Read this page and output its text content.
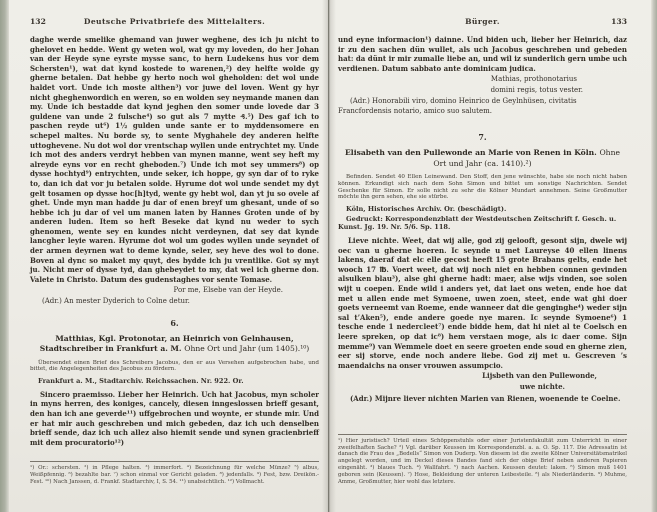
132	Deutsche Privatbriefe des Mittelalters.
daghe werde smelike ghemand van juwer weghene, des ich ju nicht to ghelovet en hedde. Went gy weten wol, wat gy my loveden, do her Johan van der Heyde syne eyrste mysse sanc, to hern Ludekens hus vor dem Schersten¹), wat dat kynd kostede to warenen,²) dey helfte wolde gy gherne betalen. Dat hebbe gy herto noch wol gheholden: det wol unde haldet vort. Unde ich moste althen³) vor juwe del loven. Went gy hyr nicht gheghenwordich en weren, so en wolden sey neymande manen dan my. Unde ich bestadde dat kynd jeghen den somer unde lovede dar 3 guldene van unde 2 fulsche⁴) so gut als 7 mytte ₰.⁵) Des gaf ich to paschen reyde ut⁶) 1½ gulden unde sante er to myddensomere en schepel maltes. Nu borde sy, to sente Myghahele dey anderen helfte uttoghevene. Nu dot wol dor vrentschap wyllen unde entrychtet my. Unde ich mot des anders verdryt hebben van mynen manne, went sey heft my alreyde eyns vor en recht gheboden.⁷) Unde ich mot sey ummers⁸) op dysse hochtyd⁹) entrychten, unde seker, ich hoppe, gy syn dar of to ryke to, dan ich dat vor ju betalen solde. Hyrume dot wol unde sendet my dyt gelt tosamen op dysse hoc[h]tyd, wente gy hebt wol, dan yt ju so ovele af ghet. Unde myn man hadde ju dar of enen breyf um ghesant, unde of so hebbe ich ju dar of vel um manen laten by Hannes Groten unde of by anderen luden. Item so heft Beseke dat kynd nu weder to sych ghenomen, wente sey en kundes nicht verdeynen, dat sey dat kynde lancgher leyie waren. Hyrume dot wol um godes wyllen unde seyndet of der armen deyrnen wat to deme kynde, seler, sey heve des wol to done. Boven al dync so maket my quyt, des bydde ich ju vrentlike. Got sy myt ju. Nicht mer of dysse tyd, dan ghebeydet to my, dat wel ich gherne don. Valete in Christo. Datum des gudenstaghes vor sente Tomase.
Por me, Elsebe van der Heyde.
(Adr.) An mester Dyderich to Colne detur.
6.
Matthias, Kgl. Protonotar, an Heinrich von Gelnhausen, Stadtschreiber in Frankfurt a. M. Ohne Ort und Jahr (um 1405).¹⁰)
Übersendet einen Brief des Schreibers Jacobus, den er aus Versehen aufgebrochen habe, und bittet, die Angelegenheiten des Jacobus zu fördern.
Frankfurt a. M., Stadtarchiv. Reichssachen. Nr. 922. Or.
Sincero praemisso. Lieber her Heinrich. Uch hat Jacobus, myn scholer in myns herren, des koniges, cancely, diesen inngeslossen brieff gesant, den han ich ane geverde¹¹) uffgebrochen und woynte, er stunde mir. Und er hat mir auch geschreben und mich gebeden, daz ich uch denselben brieff sende, daz ich uch allez also hiemit sende und synen gracienbrieff mit dem procuratorio¹²)
¹) Or.: schersten. ²) in Pflege halten. ³) immerfort. ⁴) Bezeichnung für welche Münze? ⁵) albus, Weißpfennig. ⁶) bezahlte bar. ⁷) schon einmal vor Gericht geladen. ⁸) jedenfalls. ⁹) Fest, bzw. Dreikön.-Fest. ¹⁰) Nach Janssen, d. Frankf. Stadtarchiv, I, S. 54. ¹¹) unabsichtlich. ¹²) Vollmacht.
Bürger.	133
und eyne informacion¹) dainne. Und biden uch, lieber her Heinrich, daz ir zu den sachen dün wullet, als uch Jacobus geschreben und gebeden hat: da dünt ir mir zumalle liebe an, und wil iz sunderlich gern umbe uch verdienen. Datum sabbato ante dominicam judica.
Mathias, prothonotarius
domini regis, totus vester.
(Adr.) Honorabili viro, domino Heinrico de Geylnhüsen, civitatis Francfordensis notario, amico suo salutem.
7.
Elisabeth van den Pullewonde an Marie von Renen in Köln. Ohne Ort und Jahr (ca. 1410).²)
Befinden. Sendet 40 Ellen Leinewand. Den Stoff, den jene wünschte, habe sie noch nicht haben können. Erkundigt sich nach dem Sohn Simon und bittet um sonstige Nachrichten. Sendet Geschenke für Simon. Er solle nicht zu sehr die Kölner Mundart annehmen. Seine Großmutter möchte ihn gern sehen, ehe sie stürbe.
Köln, Historisches Archiv. Or. (beschädigt).
Gedruckt: Korrespondenzblatt der Westdeutschen Zeitschrift f. Gesch. u. Kunst. Jg. 19. Nr. 5/6. Sp. 118.
Lieve nichte. Weet, dat wij alle, god zij gelooft, gesont sijn, dwele wij oec van u gherne hoeren. Ic seynde u met Laureyse 40 ellen linens lakens, daeraf dat elc elle gecost heeft 15 grote Brabans gelts, ende het wooch 17 ℔. Voert weet, dat wij noch niet en hebben connen gevinden alsulken blau³), alse ghi gherne hadt: maer, alse wijs vinden, soe solen wijt u coepen. Ende wild i anders yet, dat laet ons weten, ende hoe dat met u allen ende met Symoene, uwen zoen, steet, ende wat ghi doer goets verneemt van Roeme, ende wanneer dat die genginghe⁴) weder sijn sal t’Aken⁵), ende andere goede nye maren. Ic seynde Symoene⁶) 1 tesche ende 1 nedercleet⁷) ende bidde hem, dat hi niet al te Coelsch en leere spreken, op dat ic⁸) hem verstaen moge, als ic daer come. Sijn memme⁹) van Wemmele doet en seere groeten ende soud en gherne zien, eer sij storve, ende noch andere liebe. God zij met u. Gescreven ’s maendaichs na onser vrouwen assumpcio.
Lijsbeth van den Pullewonde,
uwe nichte.
(Adr.) Mijnre liever nichten Marien van Rienen, woenende te Coelne.
¹) Hier juristisch? Urteil eines Schöppenstuhls oder einer Juristenfakultät zum Unterricht in einer zweifelhaften Sache? ²) Vgl. darüber Keussen im Korrespondenzbl. a. a. O. Sp. 117. Die Adressatin ist danach die Frau des „Bedells“ Simon von Duderp. Von diesem ist die zweite Kölner Universitätsmatrikel angelegt worden, und im Deckel dieses Bandes fand sich der obige Brief neben anderen Papieren eingenäht. ³) blaues Tuch. ⁴) Wallfahrt. ⁵) nach Aachen. Keussen deutet: laken. ⁶) Simon muß 1401 geboren sein (Keussen). ⁷) Hose, Bekleidung der unteren Leibesteile. ⁸) als Niederländerin. ⁹) Muhme, Amme, Großmutter, hier wohl das letztere.
